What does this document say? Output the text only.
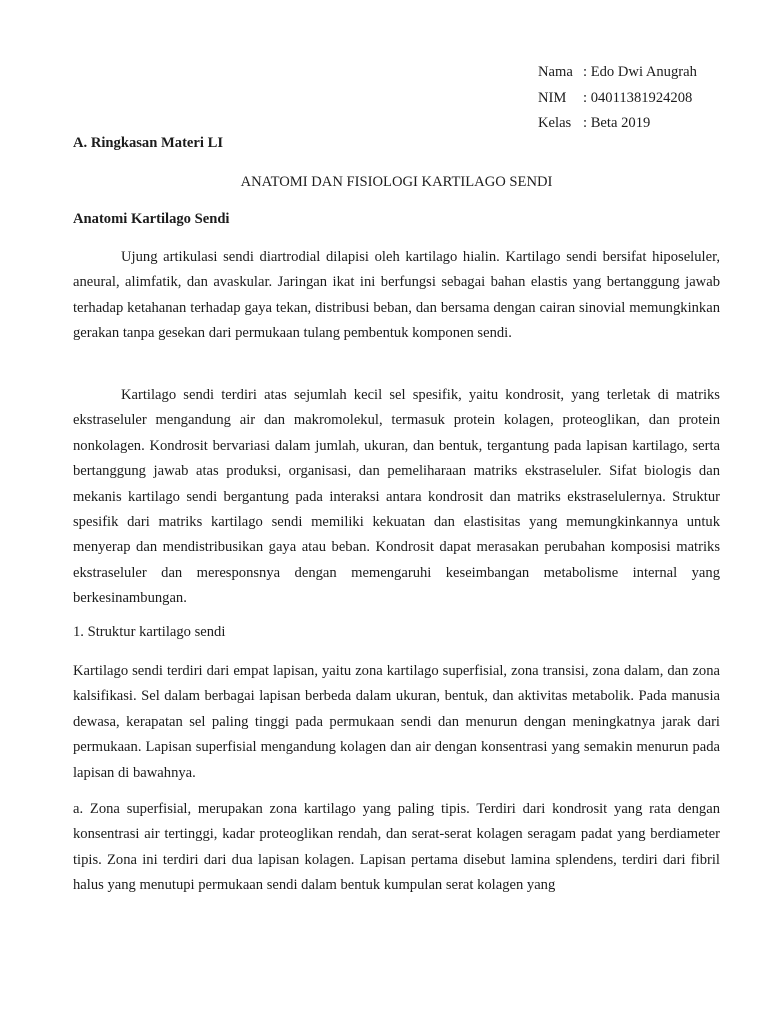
Nama : Edo Dwi Anugrah
NIM : 04011381924208
Kelas : Beta 2019
A. Ringkasan Materi LI
ANATOMI DAN FISIOLOGI KARTILAGO SENDI
Anatomi Kartilago Sendi

Ujung artikulasi sendi diartrodial dilapisi oleh kartilago hialin. Kartilago sendi bersifat hiposeluler, aneural, alimfatik, dan avaskular. Jaringan ikat ini berfungsi sebagai bahan elastis yang bertanggung jawab terhadap ketahanan terhadap gaya tekan, distribusi beban, dan bersama dengan cairan sinovial memungkinkan gerakan tanpa gesekan dari permukaan tulang pembentuk komponen sendi.

Kartilago sendi terdiri atas sejumlah kecil sel spesifik, yaitu kondrosit, yang terletak di matriks ekstraseluler mengandung air dan makromolekul, termasuk protein kolagen, proteoglikan, dan protein nonkolagen. Kondrosit bervariasi dalam jumlah, ukuran, dan bentuk, tergantung pada lapisan kartilago, serta bertanggung jawab atas produksi, organisasi, dan pemeliharaan matriks ekstraseluler. Sifat biologis dan mekanis kartilago sendi bergantung pada interaksi antara kondrosit dan matriks ekstraselulernya. Struktur spesifik dari matriks kartilago sendi memiliki kekuatan dan elastisitas yang memungkinkannya untuk menyerap dan mendistribusikan gaya atau beban. Kondrosit dapat merasakan perubahan komposisi matriks ekstraseluler dan meresponsnya dengan memengaruhi keseimbangan metabolisme internal yang berkesinambungan.

1. Struktur kartilago sendi

Kartilago sendi terdiri dari empat lapisan, yaitu zona kartilago superfisial, zona transisi, zona dalam, dan zona kalsifikasi. Sel dalam berbagai lapisan berbeda dalam ukuran, bentuk, dan aktivitas metabolik. Pada manusia dewasa, kerapatan sel paling tinggi pada permukaan sendi dan menurun dengan meningkatnya jarak dari permukaan. Lapisan superfisial mengandung kolagen dan air dengan konsentrasi yang semakin menurun pada lapisan di bawahnya.

a. Zona superfisial, merupakan zona kartilago yang paling tipis. Terdiri dari kondrosit yang rata dengan konsentrasi air tertinggi, kadar proteoglikan rendah, dan serat-serat kolagen seragam padat yang berdiameter tipis. Zona ini terdiri dari dua lapisan kolagen. Lapisan pertama disebut lamina splendens, terdiri dari fibril halus yang menutupi permukaan sendi dalam bentuk kumpulan serat kolagen yang
